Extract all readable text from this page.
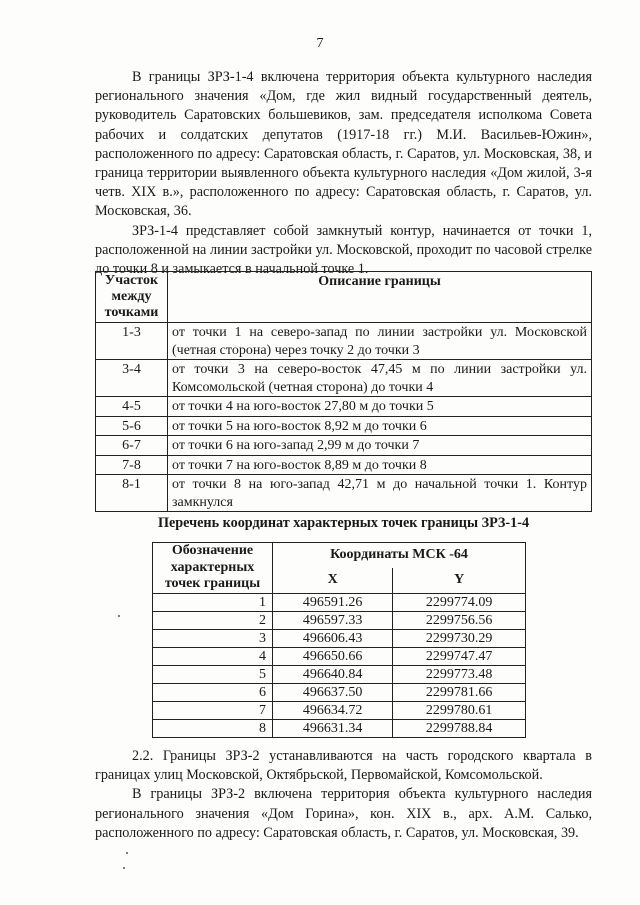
7

В границы ЗРЗ-1-4 включена территория объекта культурного наследия регионального значения «Дом, где жил видный государственный деятель, руководитель Саратовских большевиков, зам. председателя исполкома Совета рабочих и солдатских депутатов (1917-18 гг.) М.И. Васильев-Южин», расположенного по адресу: Саратовская область, г. Саратов, ул. Московская, 38, и граница территории выявленного объекта культурного наследия «Дом жилой, 3-я четв. XIX в.», расположенного по адресу: Саратовская область, г. Саратов, ул. Московская, 36.

ЗРЗ-1-4 представляет собой замкнутый контур, начинается от точки 1, расположенной на линии застройки ул. Московской, проходит по часовой стрелке до точки 8 и замыкается в начальной точке 1.

Участок между точками	Описание границы
1-3	от точки 1 на северо-запад по линии застройки ул. Московской (четная сторона) через точку 2 до точки 3
3-4	от точки 3 на северо-восток 47,45 м по линии застройки ул. Комсомольской (четная сторона) до точки 4
4-5	от точки 4 на юго-восток 27,80 м до точки 5
5-6	от точки 5 на юго-восток 8,92 м до точки 6
6-7	от точки 6 на юго-запад 2,99 м до точки 7
7-8	от точки 7 на юго-восток 8,89 м до точки 8
8-1	от точки 8 на юго-запад 42,71 м до начальной точки 1. Контур замкнулся
Перечень координат характерных точек границы ЗРЗ-1-4
Обозначение характерных точек границы	Координаты МСК -64	
	X	Y
1	496591.26	2299774.09
2	496597.33	2299756.56
3	496606.43	2299730.29
4	496650.66	2299747.47
5	496640.84	2299773.48
6	496637.50	2299781.66
7	496634.72	2299780.61
8	496631.34	2299788.84

2.2. Границы ЗРЗ-2 устанавливаются на часть городского квартала в границах улиц Московской, Октябрьской, Первомайской, Комсомольской.

В границы ЗРЗ-2 включена территория объекта культурного наследия регионального значения «Дом Горина», кон. XIX в., арх. А.М. Салько, расположенного по адресу: Саратовская область, г. Саратов, ул. Московская, 39.
